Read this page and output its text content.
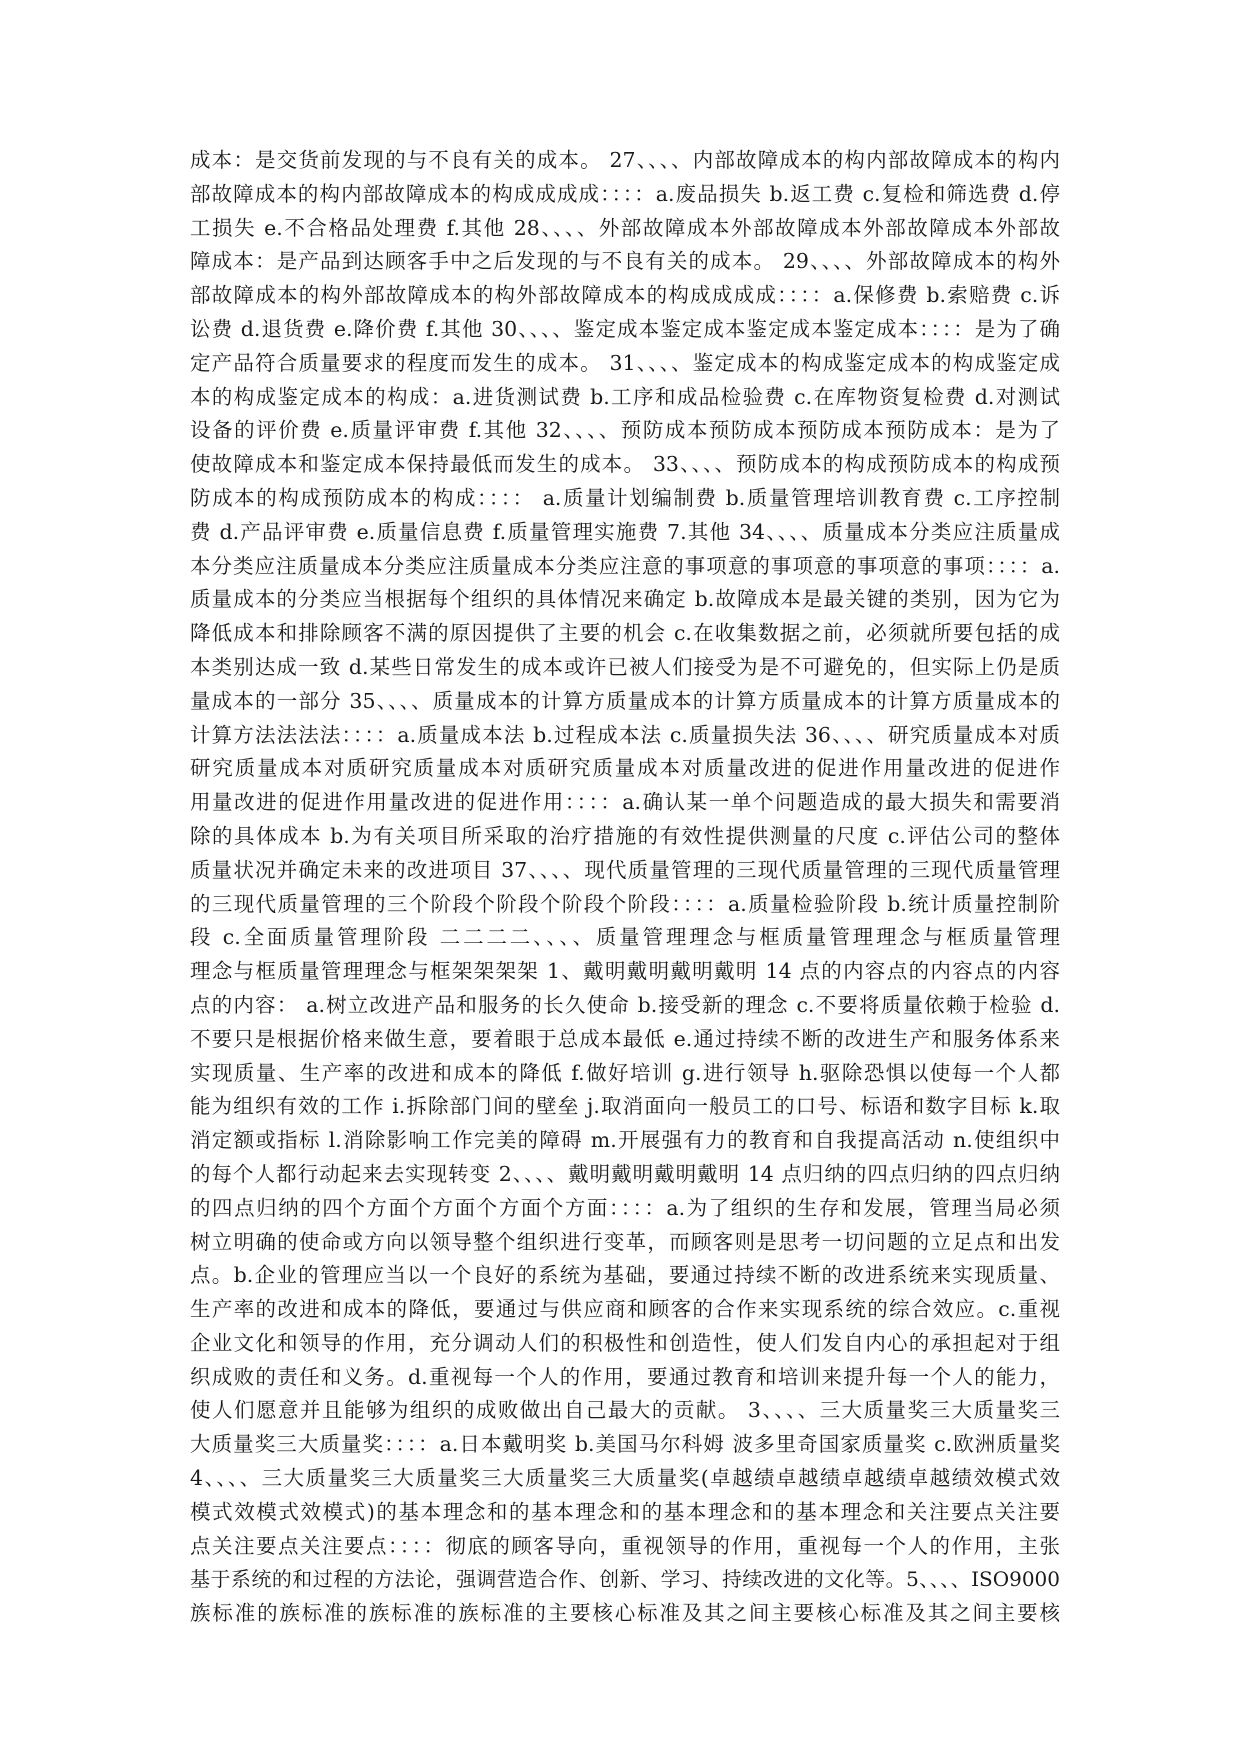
成本：是交货前发现的与不良有关的成本。 27、、、、内部故障成本的构内部故障成本的构内
部故障成本的构内部故障成本的构成成成成：：：：a.废品损失 b.返工费 c.复检和筛选费 d.停
工损失 e.不合格品处理费 f.其他 28、、、、外部故障成本外部故障成本外部故障成本外部故
障成本：是产品到达顾客手中之后发现的与不良有关的成本。 29、、、、外部故障成本的构外
部故障成本的构外部故障成本的构外部故障成本的构成成成成：：：：a.保修费 b.索赔费 c.诉
讼费 d.退货费 e.降价费 f.其他 30、、、、鉴定成本鉴定成本鉴定成本鉴定成本：：：：是为了确
定产品符合质量要求的程度而发生的成本。 31、、、、鉴定成本的构成鉴定成本的构成鉴定成
本的构成鉴定成本的构成：a.进货测试费 b.工序和成品检验费 c.在库物资复检费 d.对测试
设备的评价费 e.质量评审费 f.其他 32、、、、预防成本预防成本预防成本预防成本：是为了
使故障成本和鉴定成本保持最低而发生的成本。 33、、、、预防成本的构成预防成本的构成预
防成本的构成预防成本的构成：：：： a.质量计划编制费 b.质量管理培训教育费 c.工序控制
费 d.产品评审费 e.质量信息费 f.质量管理实施费 7.其他 34、、、、质量成本分类应注质量成
本分类应注质量成本分类应注质量成本分类应注意的事项意的事项意的事项意的事项：：：：a.
质量成本的分类应当根据每个组织的具体情况来确定 b.故障成本是最关键的类别，因为它为
降低成本和排除顾客不满的原因提供了主要的机会 c.在收集数据之前，必须就所要包括的成
本类别达成一致 d.某些日常发生的成本或许已被人们接受为是不可避免的，但实际上仍是质
量成本的一部分 35、、、、质量成本的计算方质量成本的计算方质量成本的计算方质量成本的
计算方法法法法：：：：a.质量成本法 b.过程成本法 c.质量损失法 36、、、、研究质量成本对质
研究质量成本对质研究质量成本对质研究质量成本对质量改进的促进作用量改进的促进作
用量改进的促进作用量改进的促进作用：：：：a.确认某一单个问题造成的最大损失和需要消
除的具体成本 b.为有关项目所采取的治疗措施的有效性提供测量的尺度 c.评估公司的整体
质量状况并确定未来的改进项目 37、、、、现代质量管理的三现代质量管理的三现代质量管理
的三现代质量管理的三个阶段个阶段个阶段个阶段：：：：a.质量检验阶段 b.统计质量控制阶
段 c.全面质量管理阶段 二二二二、、、、质量管理理念与框质量管理理念与框质量管理
理念与框质量管理理念与框架架架架 1、戴明戴明戴明戴明 14 点的内容点的内容点的内容
点的内容： a.树立改进产品和服务的长久使命 b.接受新的理念 c.不要将质量依赖于检验 d.
不要只是根据价格来做生意，要着眼于总成本最低 e.通过持续不断的改进生产和服务体系来
实现质量、生产率的改进和成本的降低 f.做好培训 g.进行领导 h.驱除恐惧以使每一个人都
能为组织有效的工作 i.拆除部门间的壁垒 j.取消面向一般员工的口号、标语和数字目标 k.取
消定额或指标 l.消除影响工作完美的障碍 m.开展强有力的教育和自我提高活动 n.使组织中
的每个人都行动起来去实现转变 2、、、、戴明戴明戴明戴明 14 点归纳的四点归纳的四点归纳
的四点归纳的四个方面个方面个方面个方面：：：：a.为了组织的生存和发展，管理当局必须
树立明确的使命或方向以领导整个组织进行变革，而顾客则是思考一切问题的立足点和出发
点。b.企业的管理应当以一个良好的系统为基础，要通过持续不断的改进系统来实现质量、
生产率的改进和成本的降低，要通过与供应商和顾客的合作来实现系统的综合效应。c.重视
企业文化和领导的作用，充分调动人们的积极性和创造性，使人们发自内心的承担起对于组
织成败的责任和义务。d.重视每一个人的作用，要通过教育和培训来提升每一个人的能力，
使人们愿意并且能够为组织的成败做出自己最大的贡献。 3、、、、三大质量奖三大质量奖三
大质量奖三大质量奖：：：：a.日本戴明奖 b.美国马尔科姆 波多里奇国家质量奖 c.欧洲质量奖
4、、、、三大质量奖三大质量奖三大质量奖三大质量奖(卓越绩卓越绩卓越绩卓越绩效模式效
模式效模式效模式)的基本理念和的基本理念和的基本理念和的基本理念和关注要点关注要
点关注要点关注要点：：：：彻底的顾客导向，重视领导的作用，重视每一个人的作用，主张
基于系统的和过程的方法论，强调营造合作、创新、学习、持续改进的文化等。5、、、、ISO9000
族标准的族标准的族标准的族标准的主要核心标准及其之间主要核心标准及其之间主要核
